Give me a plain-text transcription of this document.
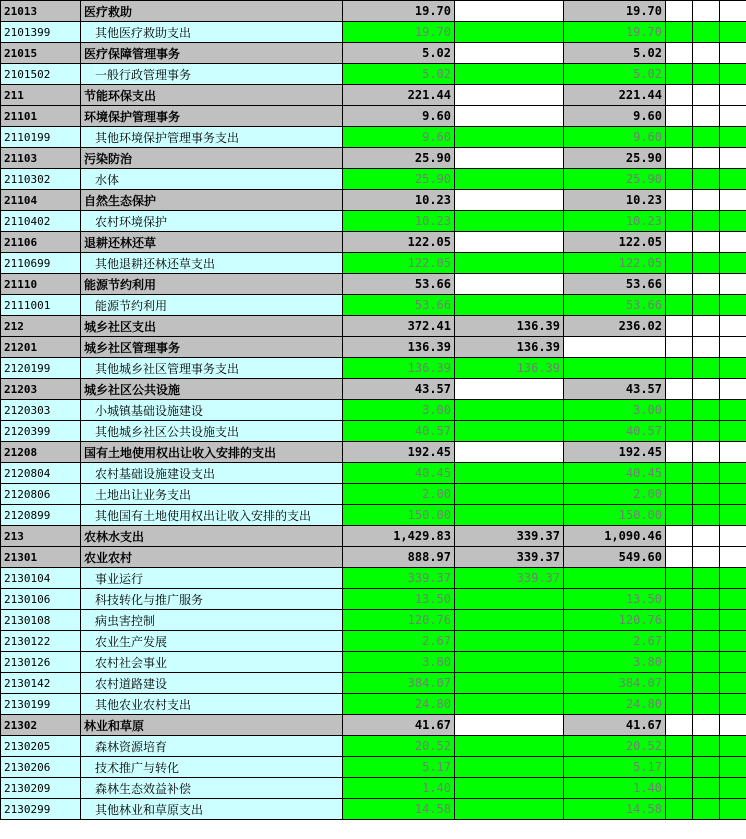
21013	医疗救助	19.70		19.70			
2101399	其他医疗救助支出	19.70		19.70			
21015	医疗保障管理事务	5.02		5.02			
2101502	一般行政管理事务	5.02		5.02			
211	节能环保支出	221.44		221.44			
21101	环境保护管理事务	9.60		9.60			
2110199	其他环境保护管理事务支出	9.60		9.60			
21103	污染防治	25.90		25.90			
2110302	水体	25.90		25.90			
21104	自然生态保护	10.23		10.23			
2110402	农村环境保护	10.23		10.23			
21106	退耕还林还草	122.05		122.05			
2110699	其他退耕还林还草支出	122.05		122.05			
21110	能源节约利用	53.66		53.66			
2111001	能源节约利用	53.66		53.66			
212	城乡社区支出	372.41	136.39	236.02			
21201	城乡社区管理事务	136.39	136.39				
2120199	其他城乡社区管理事务支出	136.39	136.39				
21203	城乡社区公共设施	43.57		43.57			
2120303	小城镇基础设施建设	3.00		3.00			
2120399	其他城乡社区公共设施支出	40.57		40.57			
21208	国有土地使用权出让收入安排的支出	192.45		192.45			
2120804	农村基础设施建设支出	40.45		40.45			
2120806	土地出让业务支出	2.00		2.00			
2120899	其他国有土地使用权出让收入安排的支出	150.00		150.00			
213	农林水支出	1,429.83	339.37	1,090.46			
21301	农业农村	888.97	339.37	549.60			
2130104	事业运行	339.37	339.37				
2130106	科技转化与推广服务	13.50		13.50			
2130108	病虫害控制	120.76		120.76			
2130122	农业生产发展	2.67		2.67			
2130126	农村社会事业	3.80		3.80			
2130142	农村道路建设	384.07		384.07			
2130199	其他农业农村支出	24.80		24.80			
21302	林业和草原	41.67		41.67			
2130205	森林资源培育	20.52		20.52			
2130206	技术推广与转化	5.17		5.17			
2130209	森林生态效益补偿	1.40		1.40			
2130299	其他林业和草原支出	14.58		14.58			
